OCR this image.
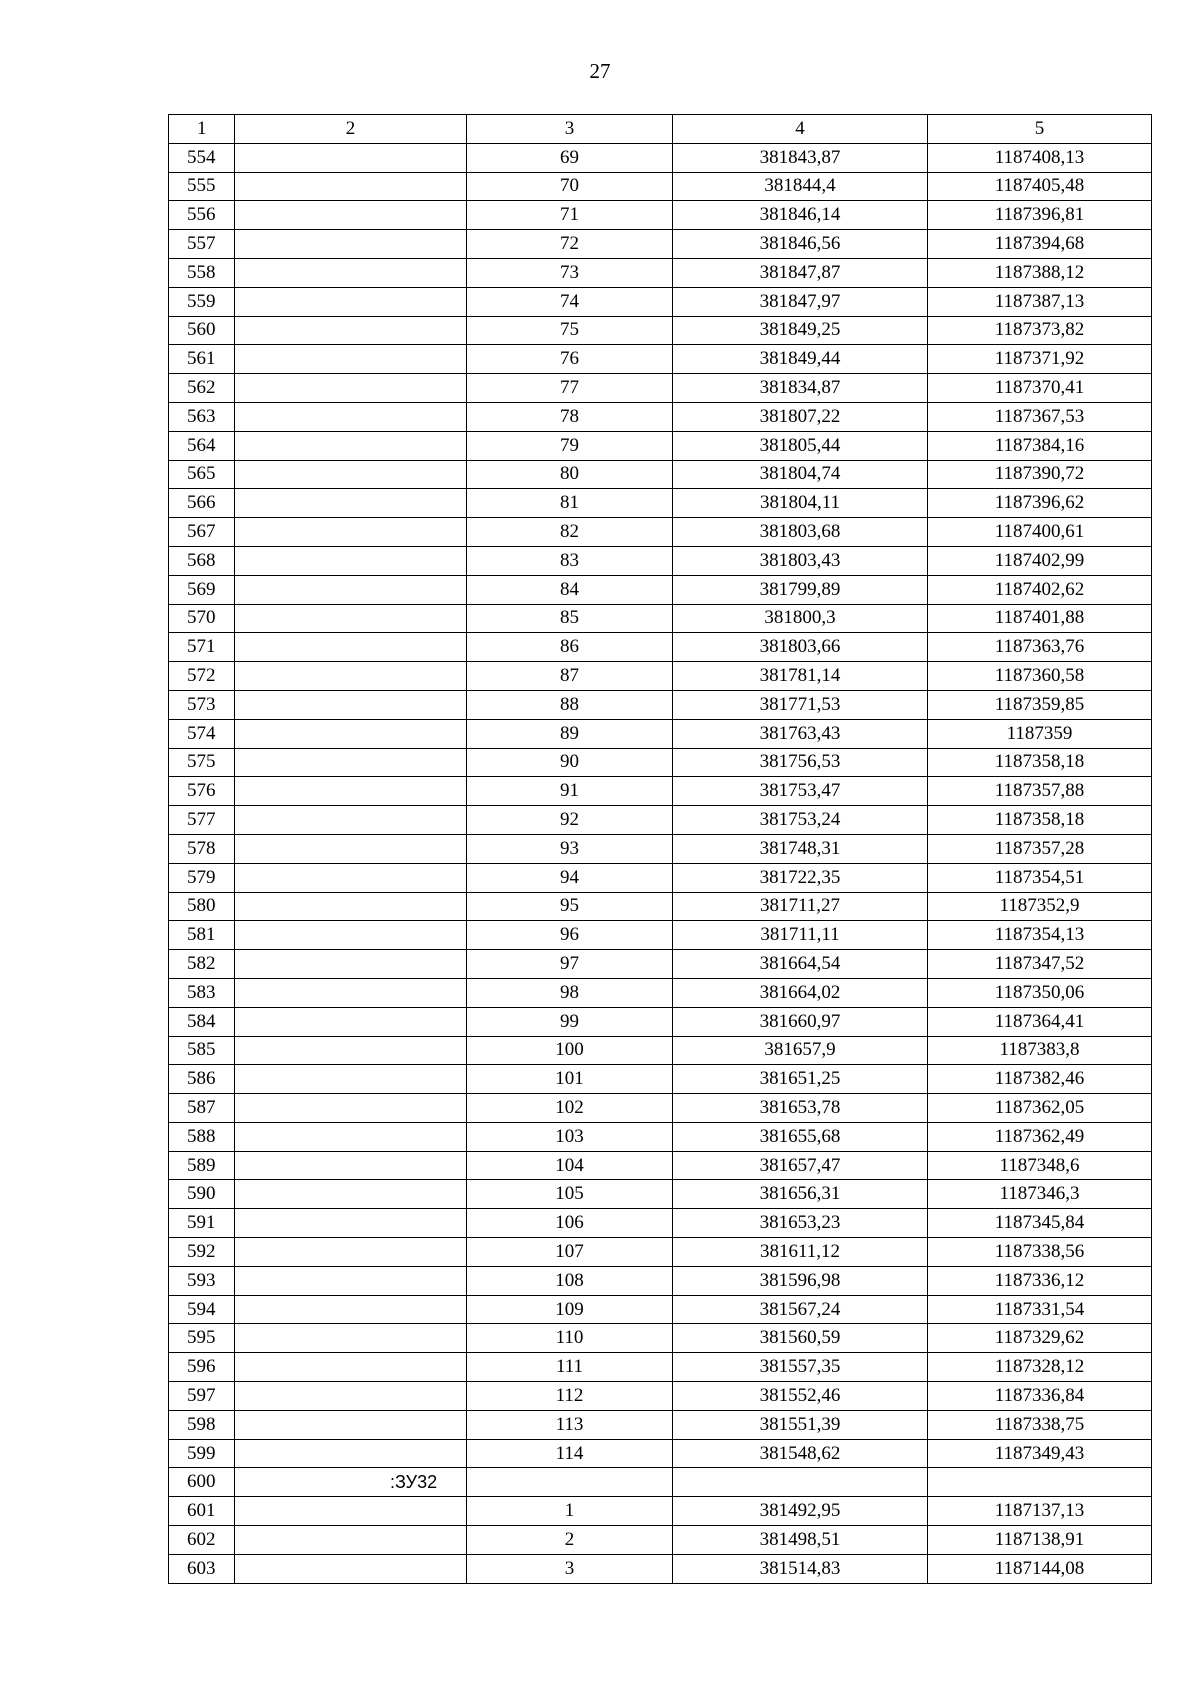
27
1	2	3	4	5
554		69	381843,87	1187408,13
555		70	381844,4	1187405,48
556		71	381846,14	1187396,81
557		72	381846,56	1187394,68
558		73	381847,87	1187388,12
559		74	381847,97	1187387,13
560		75	381849,25	1187373,82
561		76	381849,44	1187371,92
562		77	381834,87	1187370,41
563		78	381807,22	1187367,53
564		79	381805,44	1187384,16
565		80	381804,74	1187390,72
566		81	381804,11	1187396,62
567		82	381803,68	1187400,61
568		83	381803,43	1187402,99
569		84	381799,89	1187402,62
570		85	381800,3	1187401,88
571		86	381803,66	1187363,76
572		87	381781,14	1187360,58
573		88	381771,53	1187359,85
574		89	381763,43	1187359
575		90	381756,53	1187358,18
576		91	381753,47	1187357,88
577		92	381753,24	1187358,18
578		93	381748,31	1187357,28
579		94	381722,35	1187354,51
580		95	381711,27	1187352,9
581		96	381711,11	1187354,13
582		97	381664,54	1187347,52
583		98	381664,02	1187350,06
584		99	381660,97	1187364,41
585		100	381657,9	1187383,8
586		101	381651,25	1187382,46
587		102	381653,78	1187362,05
588		103	381655,68	1187362,49
589		104	381657,47	1187348,6
590		105	381656,31	1187346,3
591		106	381653,23	1187345,84
592		107	381611,12	1187338,56
593		108	381596,98	1187336,12
594		109	381567,24	1187331,54
595		110	381560,59	1187329,62
596		111	381557,35	1187328,12
597		112	381552,46	1187336,84
598		113	381551,39	1187338,75
599		114	381548,62	1187349,43
600	:ЗУ32			
601		1	381492,95	1187137,13
602		2	381498,51	1187138,91
603		3	381514,83	1187144,08
